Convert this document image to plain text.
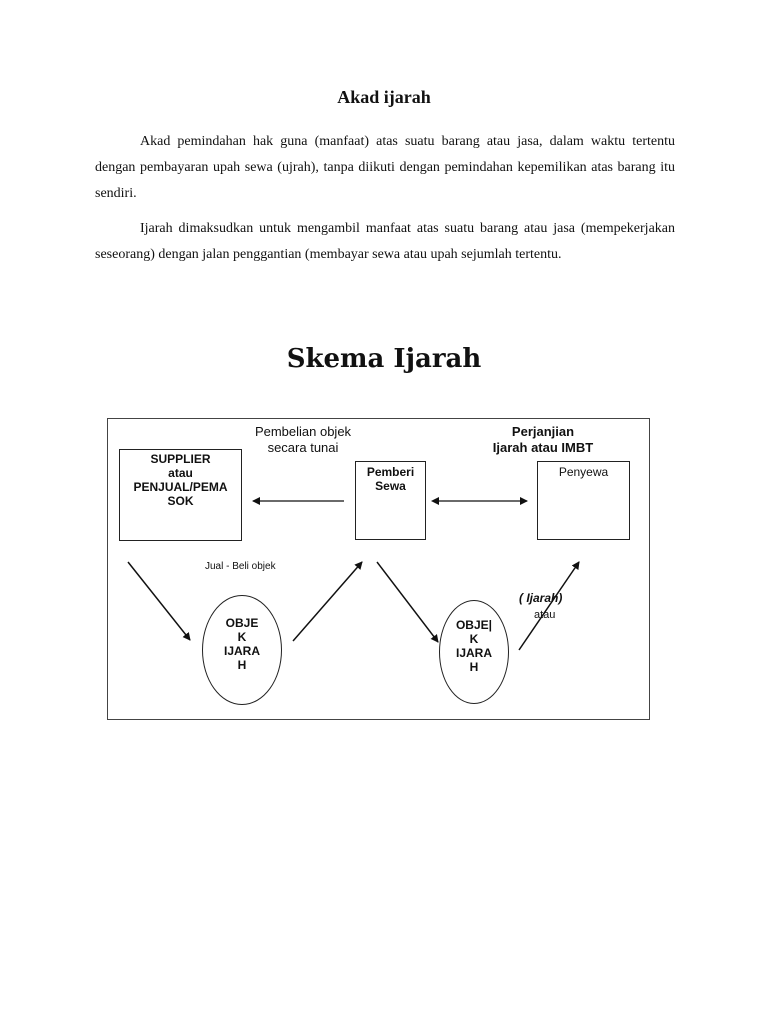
Akad ijarah

Akad pemindahan hak guna (manfaat) atas suatu barang atau jasa, dalam waktu tertentu dengan pembayaran upah sewa (ujrah), tanpa diikuti dengan pemindahan kepemilikan atas barang itu sendiri.

Ijarah dimaksudkan untuk mengambil manfaat atas suatu barang atau jasa (mempekerjakan seseorang) dengan jalan penggantian (membayar sewa atau upah sejumlah tertentu.

Skema Ijarah
SUPPLIER
atau
PENJUAL/PEMA
SOK
Pemberi
Sewa
Penyewa
Pembelian objek
secara tunai
Perjanjian
Ijarah atau IMBT
Jual - Beli objek
( Ijarah)
atau
OBJE
K
IJARA
H
OBJE|
K
IJARA
H
